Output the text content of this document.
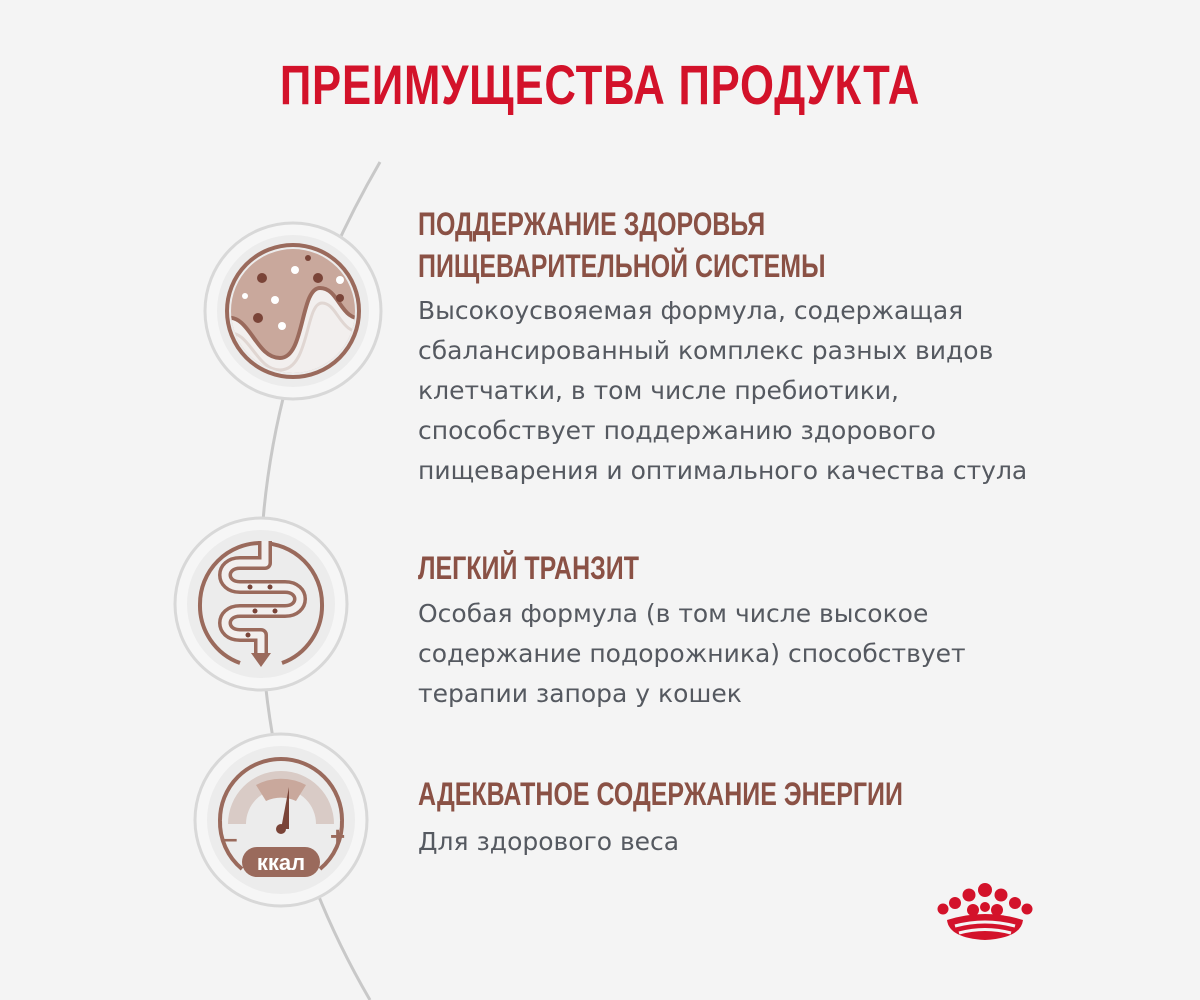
ПРЕИМУЩЕСТВА ПРОДУКТА
–	+
ккал
ПОДДЕРЖАНИЕ ЗДОРОВЬЯ
ПИЩЕВАРИТЕЛЬНОЙ СИСТЕМЫ
Высокоусвояемая формула, содержащая
сбалансированный комплекс разных видов
клетчатки, в том числе пребиотики,
способствует поддержанию здорового
пищеварения и оптимального качества стула
ЛЕГКИЙ ТРАНЗИТ
Особая формула (в том числе высокое
содержание подорожника) способствует
терапии запора у кошек
АДЕКВАТНОЕ СОДЕРЖАНИЕ ЭНЕРГИИ
Для здорового веса
